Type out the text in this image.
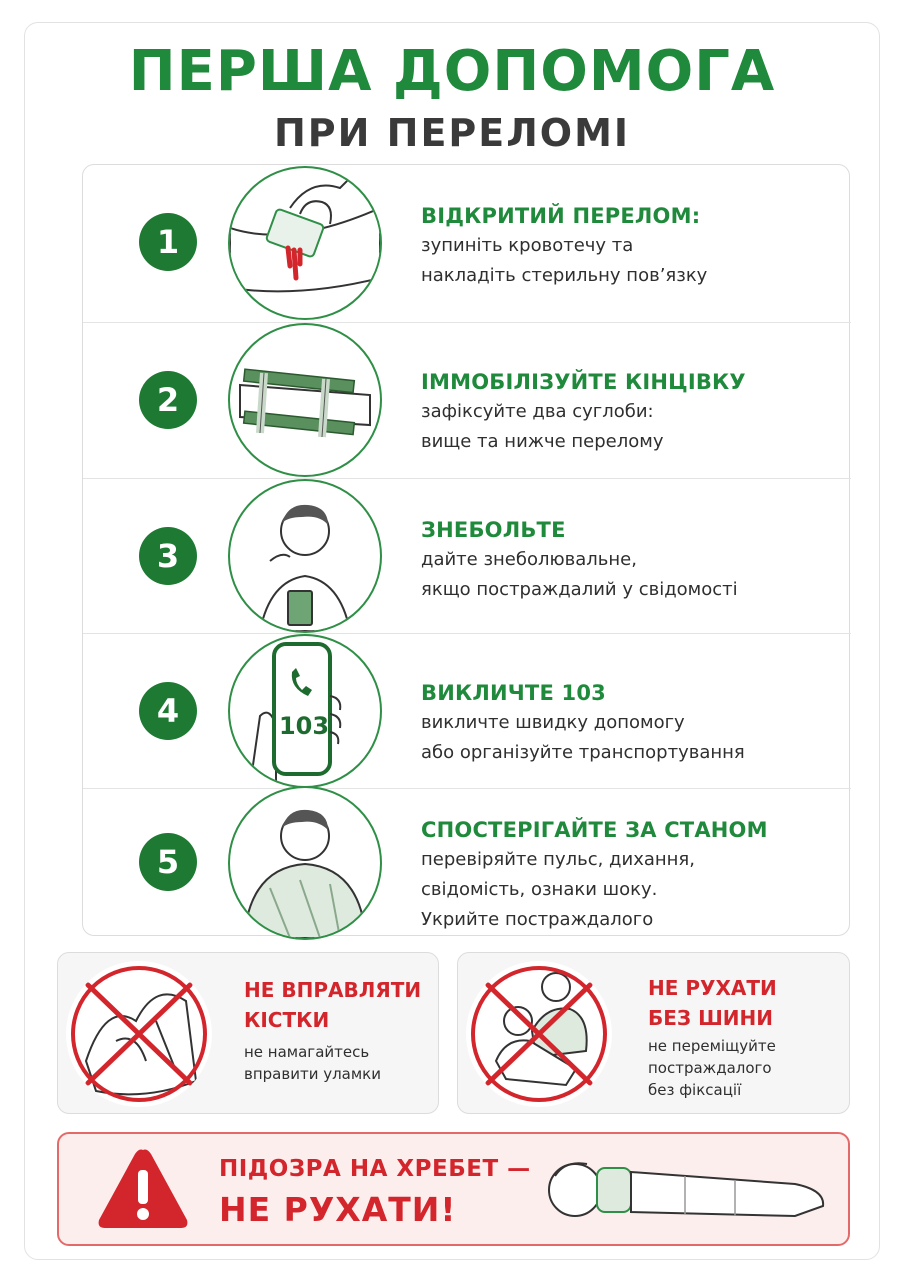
ПЕРША ДОПОМОГА
ПРИ ПЕРЕЛОМІ
1
ВІДКРИТИЙ ПЕРЕЛОМ:
зупиніть кровотечу та
накладіть стерильну пов’язку
2	ІММОБІЛІЗУЙТЕ КІНЦІВКУ
зафіксуйте два суглоби:
вище та нижче перелому
3
ЗНЕБОЛЬТЕ
дайте знеболювальне,
якщо постраждалий у свідомості
4	103
ВИКЛИЧТЕ 103
викличте швидку допомогу
або організуйте транспортування
5
СПОСТЕРІГАЙТЕ ЗА СТАНОМ
перевіряйте пульс, дихання,
свідомість, ознаки шоку.
Укрийте постраждалого
НЕ ВПРАВЛЯТИ
КІСТКИ
не намагайтесь
вправити уламки
НЕ РУХАТИ
БЕЗ ШИНИ
не переміщуйте
постраждалого
без фіксації
ПІДОЗРА НА ХРЕБЕТ —
НЕ РУХАТИ!
